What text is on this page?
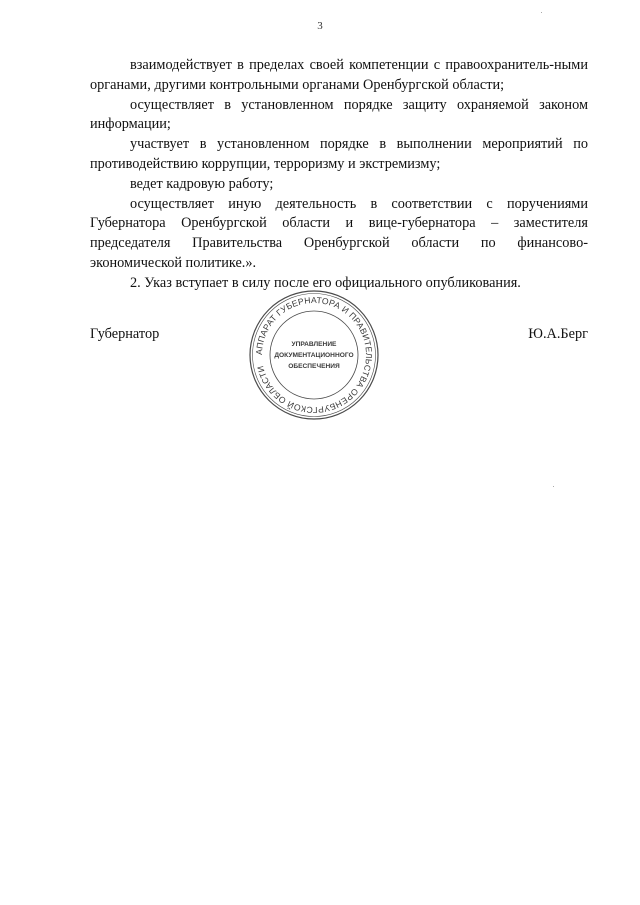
3

взаимодействует в пределах своей компетенции с правоохранитель-ными органами, другими контрольными органами Оренбургской области;

осуществляет в установленном порядке защиту охраняемой законом информации;

участвует в установленном порядке в выполнении мероприятий по противодействию коррупции, терроризму и экстремизму;

ведет кадровую работу;

осуществляет иную деятельность в соответствии с поручениями Губернатора Оренбургской области и вице-губернатора – заместителя председателя Правительства Оренбургской области по финансово-экономической политике.».

2. Указ вступает в силу после его официального опубликования.

Губернатор	Ю.А.Берг
АППАРАТ ГУБЕРНАТОРА И ПРАВИТЕЛЬСТВА ОРЕНБУРГСКОЙ ОБЛАСТИ
УПРАВЛЕНИЕ
ДОКУМЕНТАЦИОННОГО
ОБЕСПЕЧЕНИЯ
